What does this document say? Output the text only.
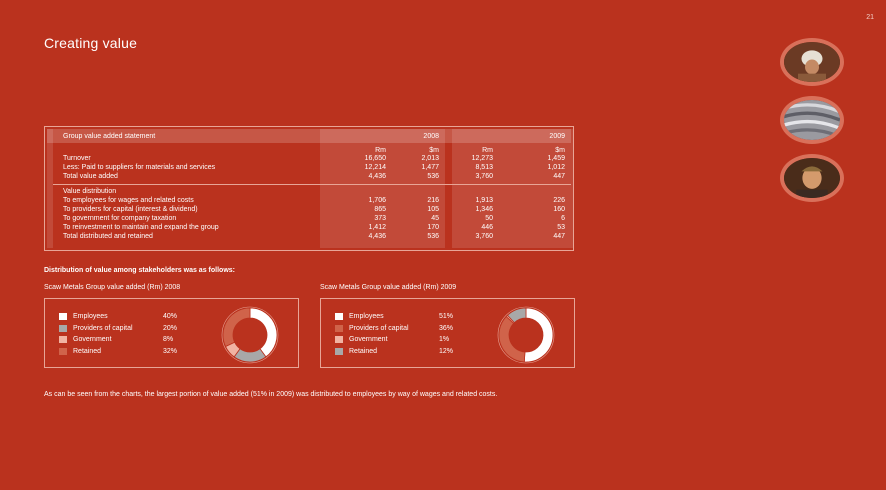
21
Creating value
Group value added statement	2008	2009
Rm	$m	Rm	$m
Turnover	16,650	2,013	12,273	1,459
Less: Paid to suppliers for materials and services	12,214	1,477	8,513	1,012
Total value added	4,436	536	3,760	447
Value distribution
To employees for wages and related costs	1,706	216	1,913	226
To providers for capital (interest & dividend)	865	105	1,346	160
To government for company taxation	373	45	50	6
To reinvestment to maintain and expand the group	1,412	170	446	53
Total distributed and retained	4,436	536	3,760	447
Distribution of value among stakeholders was as follows:
Scaw Metals Group value added (Rm) 2008	Scaw Metals Group value added (Rm) 2009
Employees	40%
Providers of capital	20%
Government	8%
Retained	32%
Employees	51%
Providers of capital	36%
Government	1%
Retained	12%
As can be seen from the charts, the largest portion of value added (51% in 2009) was distributed to employees by way of wages and related costs.
